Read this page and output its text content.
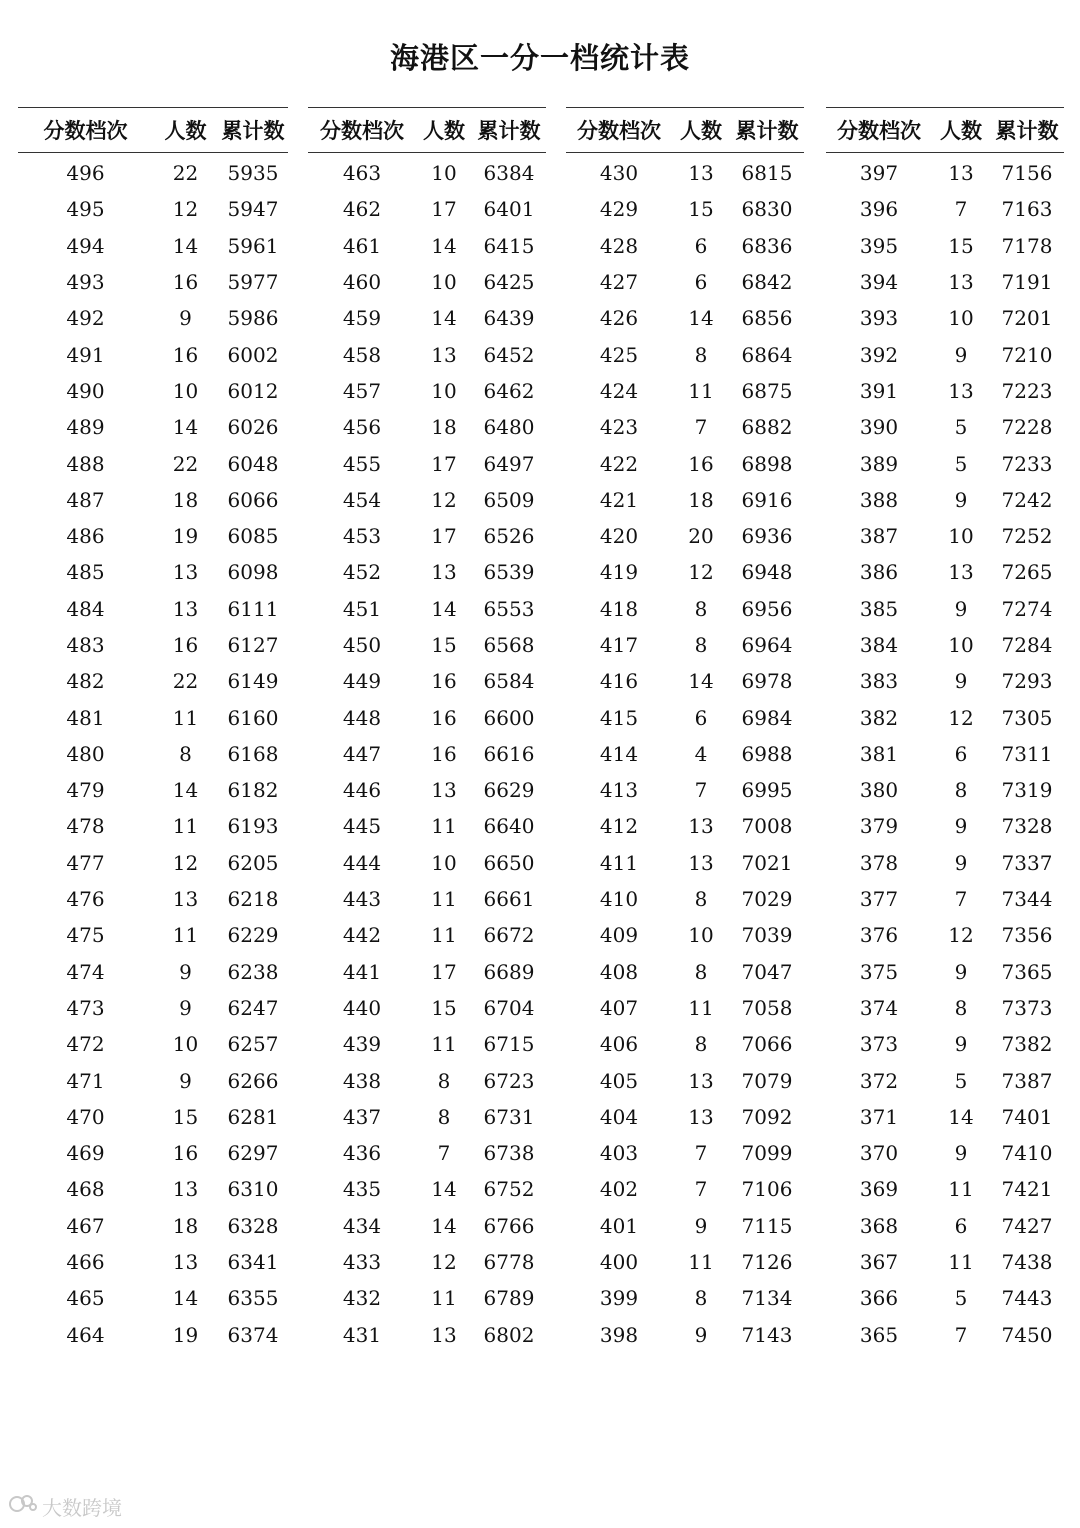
海港区一分一档统计表
分数档次	人数 累计数
496	22	5935
495	12	5947
494	14	5961
493	16	5977
492	9	5986
491	16	6002
490	10	6012
489	14	6026
488	22	6048
487	18	6066
486	19	6085
485	13	6098
484	13	6111
483	16	6127
482	22	6149
481	11	6160
480	8	6168
479	14	6182
478	11	6193
477	12	6205
476	13	6218
475	11	6229
474	9	6238
473	9	6247
472	10	6257
471	9	6266
470	15	6281
469	16	6297
468	13	6310
467	18	6328
466	13	6341
465	14	6355
464	19	6374
分数档次 人数 累计数
463	10	6384
462	17	6401
461	14	6415
460	10	6425
459	14	6439
458	13	6452
457	10	6462
456	18	6480
455	17	6497
454	12	6509
453	17	6526
452	13	6539
451	14	6553
450	15	6568
449	16	6584
448	16	6600
447	16	6616
446	13	6629
445	11	6640
444	10	6650
443	11	6661
442	11	6672
441	17	6689
440	15	6704
439	11	6715
438	8	6723
437	8	6731
436	7	6738
435	14	6752
434	14	6766
433	12	6778
432	11	6789
431	13	6802
分数档次 人数 累计数
430	13	6815
429	15	6830
428	6	6836
427	6	6842
426	14	6856
425	8	6864
424	11	6875
423	7	6882
422	16	6898
421	18	6916
420	20	6936
419	12	6948
418	8	6956
417	8	6964
416	14	6978
415	6	6984
414	4	6988
413	7	6995
412	13	7008
411	13	7021
410	8	7029
409	10	7039
408	8	7047
407	11	7058
406	8	7066
405	13	7079
404	13	7092
403	7	7099
402	7	7106
401	9	7115
400	11	7126
399	8	7134
398	9	7143
分数档次 人数 累计数
397	13	7156
396	7	7163
395	15	7178
394	13	7191
393	10	7201
392	9	7210
391	13	7223
390	5	7228
389	5	7233
388	9	7242
387	10	7252
386	13	7265
385	9	7274
384	10	7284
383	9	7293
382	12	7305
381	6	7311
380	8	7319
379	9	7328
378	9	7337
377	7	7344
376	12	7356
375	9	7365
374	8	7373
373	9	7382
372	5	7387
371	14	7401
370	9	7410
369	11	7421
368	6	7427
367	11	7438
366	5	7443
365	7	7450
大数跨境
